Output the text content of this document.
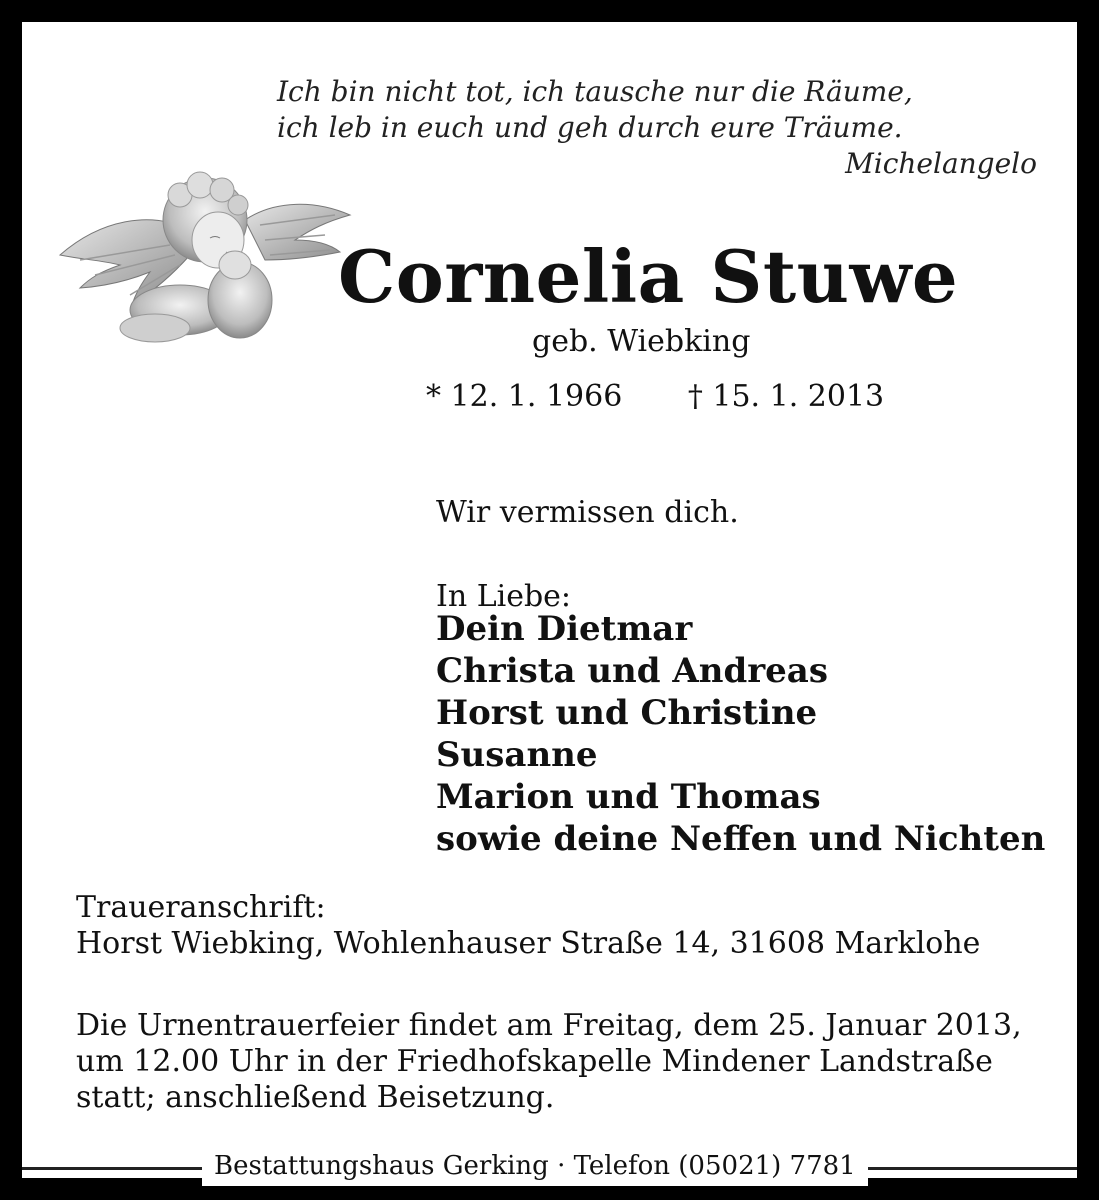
Ich bin nicht tot, ich tausche nur die Räume,
ich leb in euch und geh durch eure Träume.
Michelangelo
Cornelia Stuwe
geb. Wiebking
* 12. 1. 1966 † 15. 1. 2013
Wir vermissen dich.
In Liebe:
Dein Dietmar
Christa und Andreas
Horst und Christine
Susanne
Marion und Thomas
sowie deine Neffen und Nichten
Traueranschrift:
Horst Wiebking, Wohlenhauser Straße 14, 31608 Marklohe
Die Urnentrauerfeier findet am Freitag, dem 25. Januar 2013,
um 12.00 Uhr in der Friedhofskapelle Mindener Landstraße
statt; anschließend Beisetzung.
Bestattungshaus Gerking · Telefon (05021) 7781
